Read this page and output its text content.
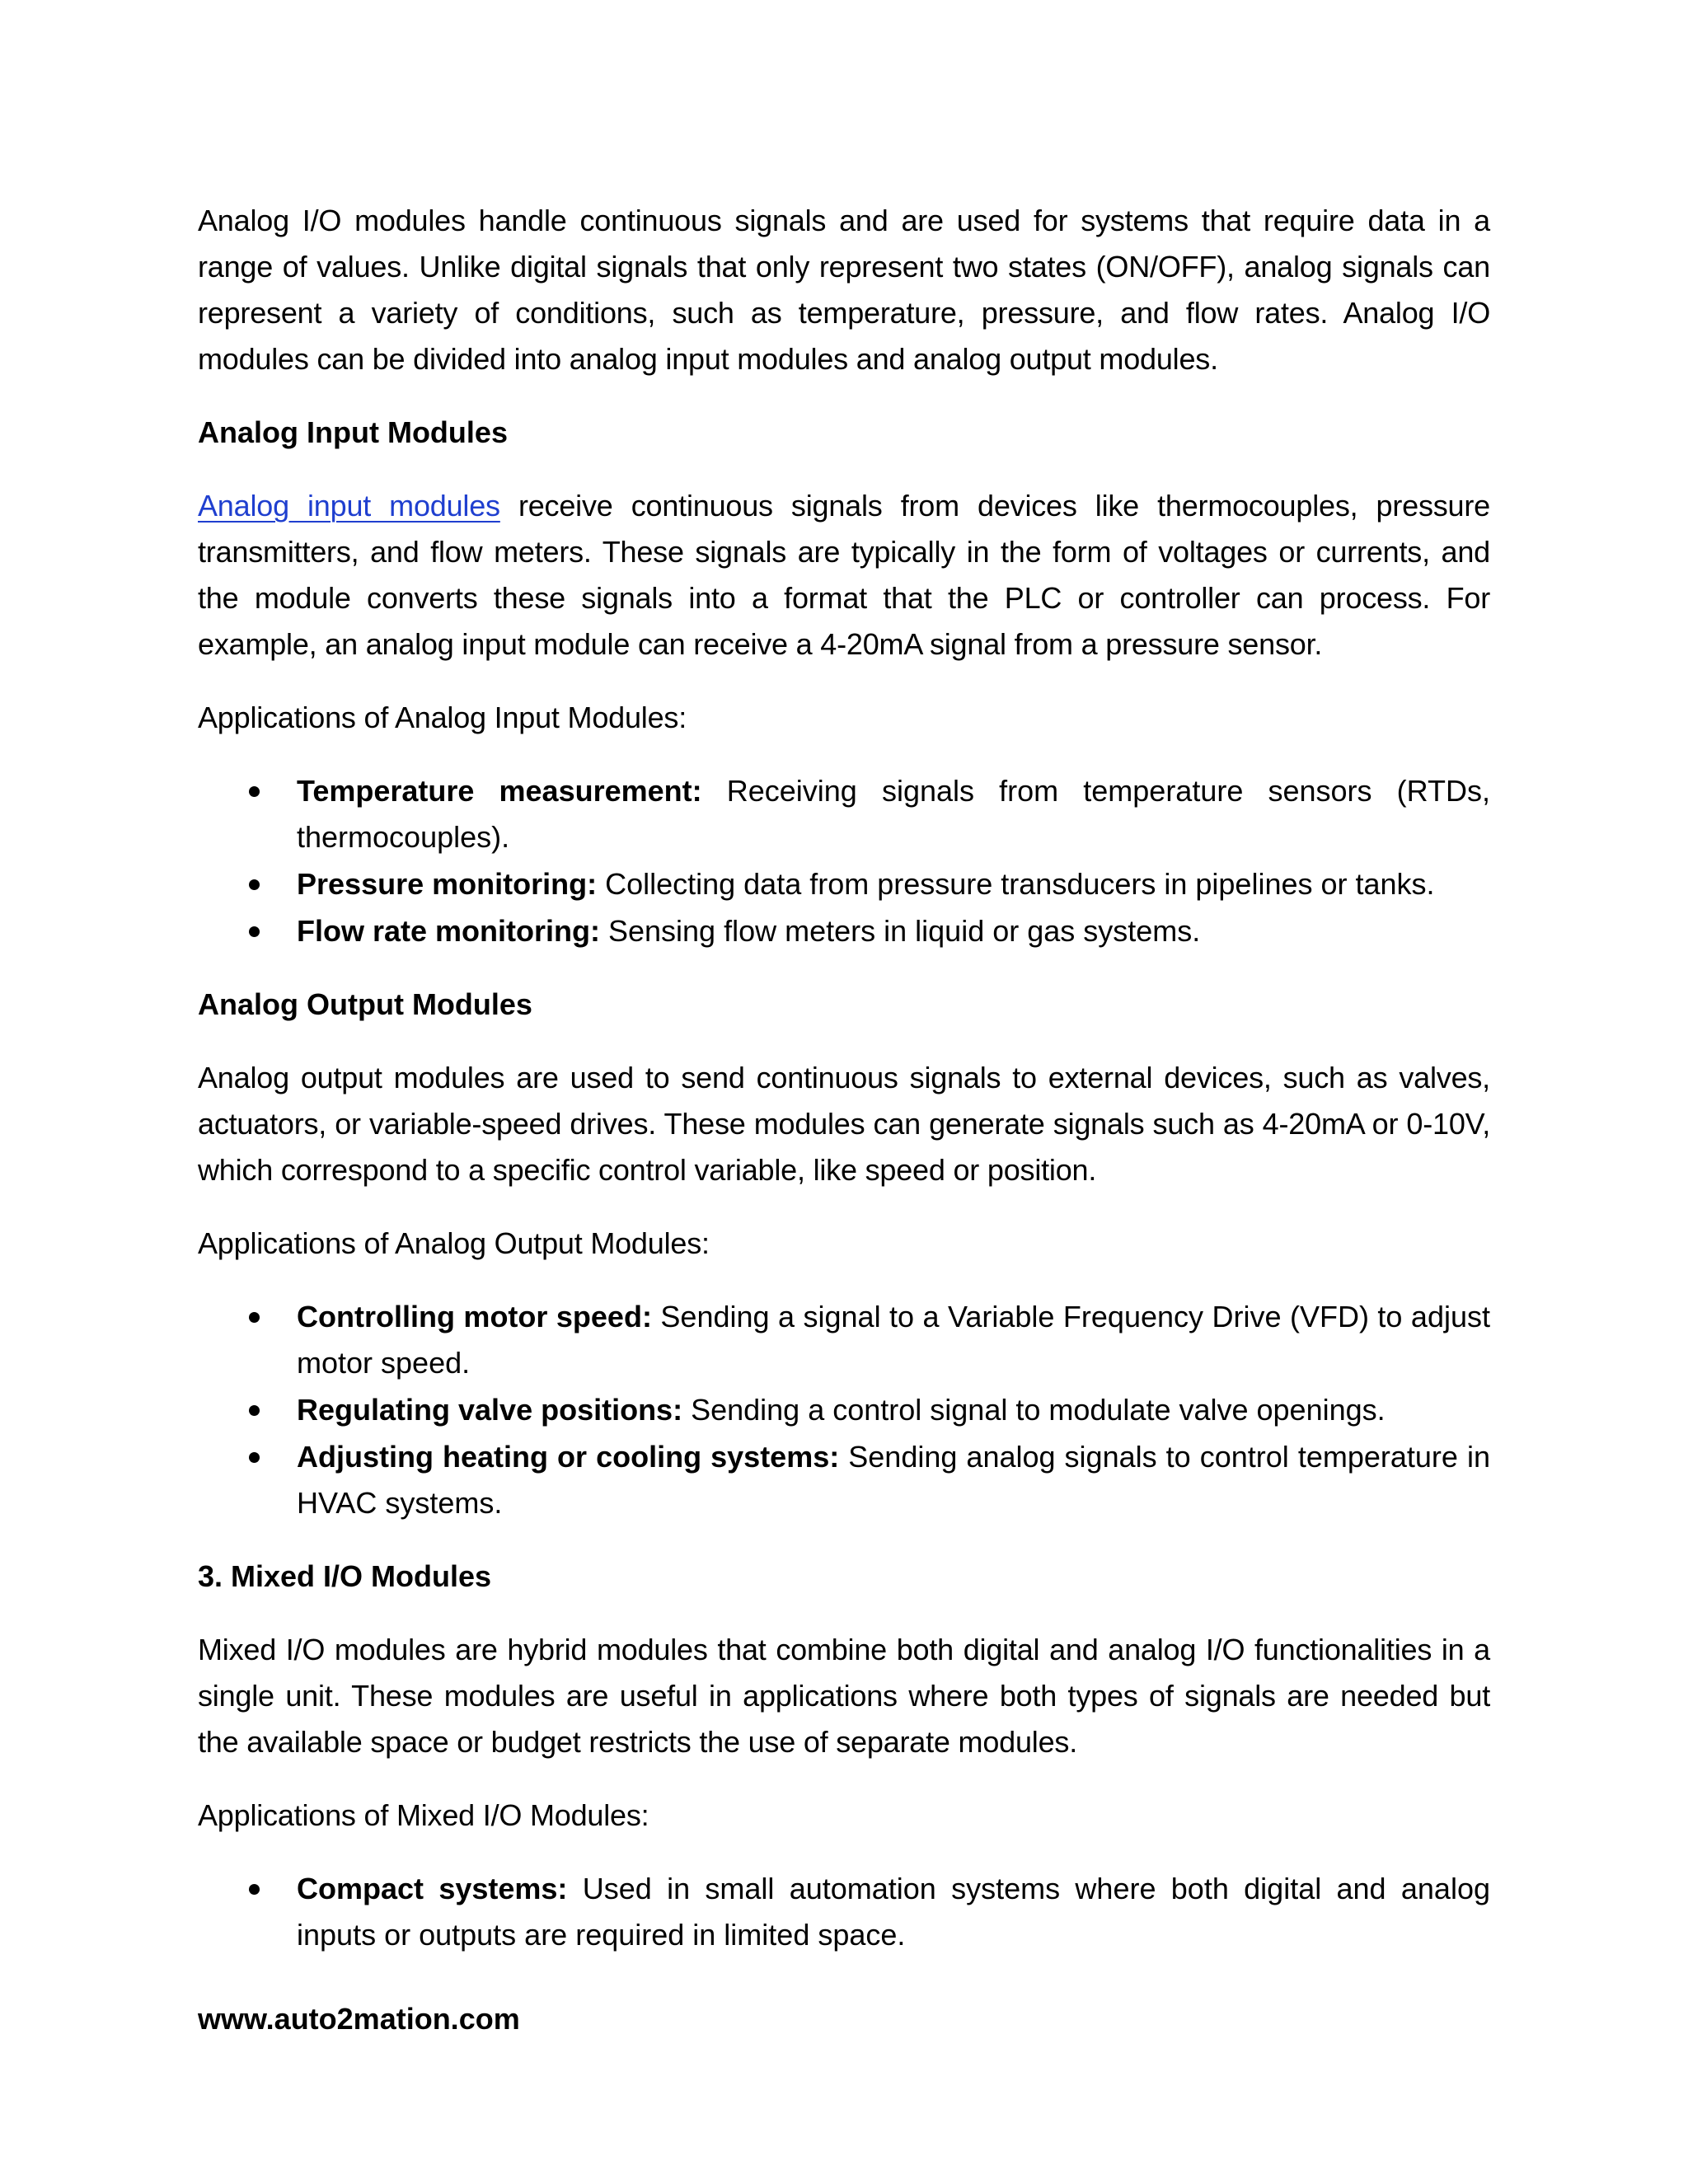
Analog I/O modules handle continuous signals and are used for systems that require data in a range of values. Unlike digital signals that only represent two states (ON/OFF), analog signals can represent a variety of conditions, such as temperature, pressure, and flow rates. Analog I/O modules can be divided into analog input modules and analog output modules.

Analog Input Modules

Analog input modules receive continuous signals from devices like thermocouples, pressure transmitters, and flow meters. These signals are typically in the form of voltages or currents, and the module converts these signals into a format that the PLC or controller can process. For example, an analog input module can receive a 4-20mA signal from a pressure sensor.

Applications of Analog Input Modules:

Temperature measurement: Receiving signals from temperature sensors (RTDs, thermocouples).
Pressure monitoring: Collecting data from pressure transducers in pipelines or tanks.
Flow rate monitoring: Sensing flow meters in liquid or gas systems.
Analog Output Modules

Analog output modules are used to send continuous signals to external devices, such as valves, actuators, or variable-speed drives. These modules can generate signals such as 4-20mA or 0-10V, which correspond to a specific control variable, like speed or position.

Applications of Analog Output Modules:

Controlling motor speed: Sending a signal to a Variable Frequency Drive (VFD) to adjust motor speed.
Regulating valve positions: Sending a control signal to modulate valve openings.
Adjusting heating or cooling systems: Sending analog signals to control temperature in HVAC systems.
3. Mixed I/O Modules

Mixed I/O modules are hybrid modules that combine both digital and analog I/O functionalities in a single unit. These modules are useful in applications where both types of signals are needed but the available space or budget restricts the use of separate modules.

Applications of Mixed I/O Modules:

Compact systems: Used in small automation systems where both digital and analog inputs or outputs are required in limited space.
www.auto2mation.com
